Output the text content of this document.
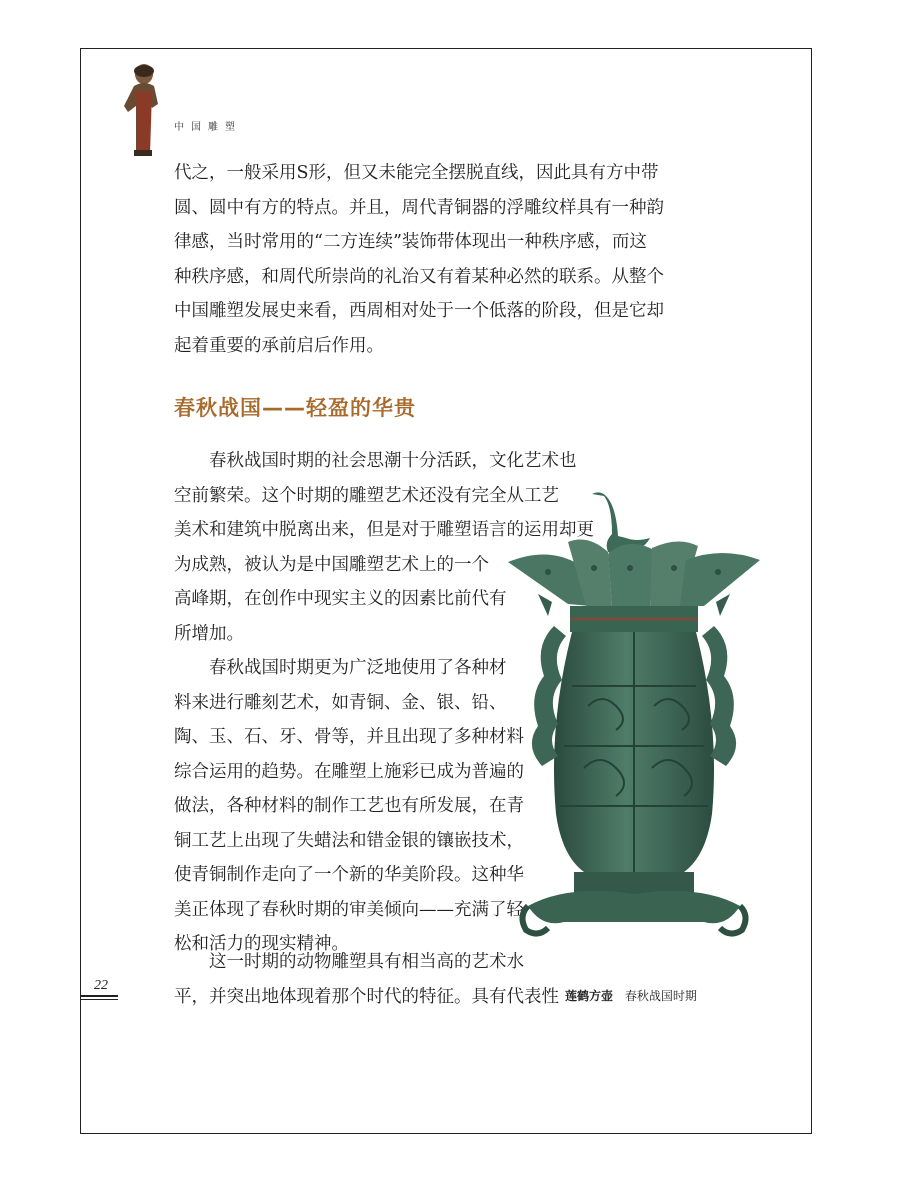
中国雕塑
代之，一般采用S形，但又未能完全摆脱直线，因此具有方中带
圆、圆中有方的特点。并且，周代青铜器的浮雕纹样具有一种韵
律感，当时常用的“二方连续”装饰带体现出一种秩序感，而这
种秩序感，和周代所崇尚的礼治又有着某种必然的联系。从整个
中国雕塑发展史来看，西周相对处于一个低落的阶段，但是它却
起着重要的承前启后作用。
春秋战国——轻盈的华贵
春秋战国时期的社会思潮十分活跃，文化艺术也
空前繁荣。这个时期的雕塑艺术还没有完全从工艺
美术和建筑中脱离出来，但是对于雕塑语言的运用却更
为成熟，被认为是中国雕塑艺术上的一个
高峰期，在创作中现实主义的因素比前代有
所增加。
春秋战国时期更为广泛地使用了各种材
料来进行雕刻艺术，如青铜、金、银、铅、
陶、玉、石、牙、骨等，并且出现了多种材料
综合运用的趋势。在雕塑上施彩已成为普遍的
做法，各种材料的制作工艺也有所发展，在青
铜工艺上出现了失蜡法和错金银的镶嵌技术，
使青铜制作走向了一个新的华美阶段。这种华
美正体现了春秋时期的审美倾向——充满了轻
松和活力的现实精神。
这一时期的动物雕塑具有相当高的艺术水
平，并突出地体现着那个时代的特征。具有代表性 莲鹤方壶 春秋战国时期
22
